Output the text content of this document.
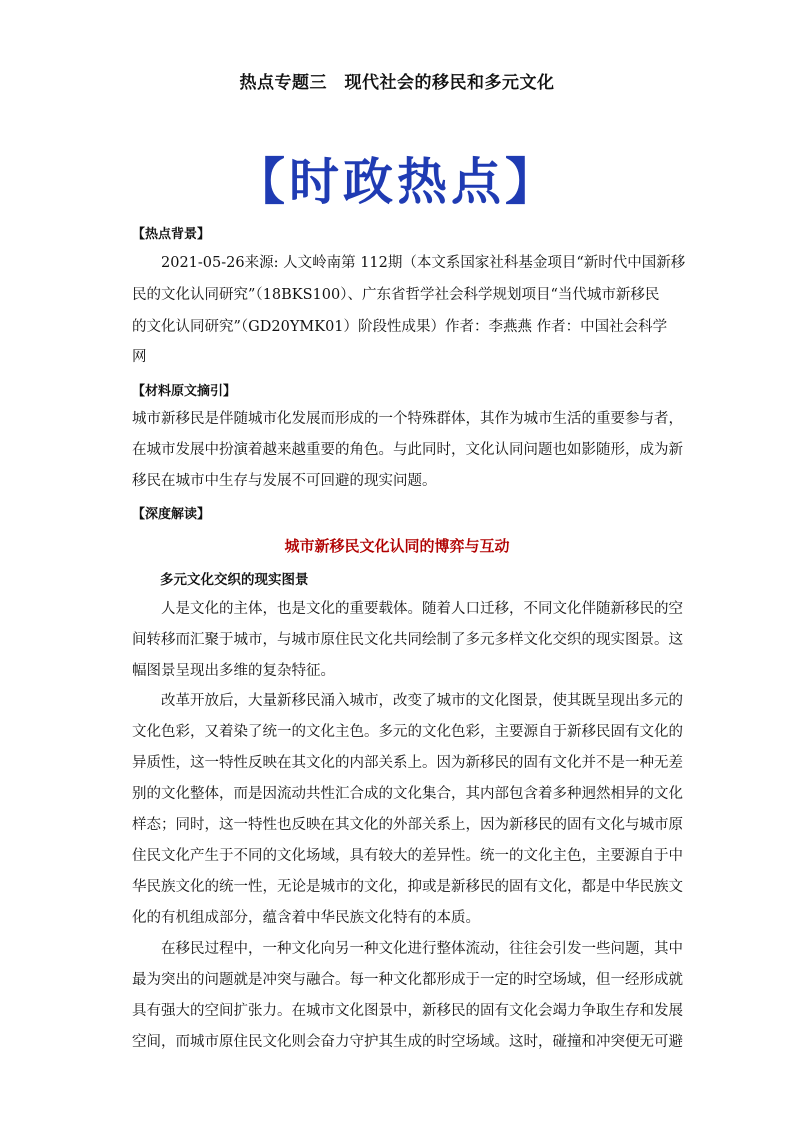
热点专题三　现代社会的移民和多元文化
【时政热点】
【热点背景】
　　2021-05-26来源: 人文岭南第 112期（本文系国家社科基金项目“新时代中国新移
民的文化认同研究”（18BKS100）、广东省哲学社会科学规划项目“当代城市新移民
的文化认同研究”（GD20YMK01）阶段性成果）作者：李燕燕 作者：中国社会科学
网
【材料原文摘引】
城市新移民是伴随城市化发展而形成的一个特殊群体，其作为城市生活的重要参与者，
在城市发展中扮演着越来越重要的角色。与此同时，文化认同问题也如影随形，成为新
移民在城市中生存与发展不可回避的现实问题。
【深度解读】
城市新移民文化认同的博弈与互动
多元文化交织的现实图景
　　人是文化的主体，也是文化的重要载体。随着人口迁移，不同文化伴随新移民的空
间转移而汇聚于城市，与城市原住民文化共同绘制了多元多样文化交织的现实图景。这
幅图景呈现出多维的复杂特征。
　　改革开放后，大量新移民涌入城市，改变了城市的文化图景，使其既呈现出多元的
文化色彩，又着染了统一的文化主色。多元的文化色彩，主要源自于新移民固有文化的
异质性，这一特性反映在其文化的内部关系上。因为新移民的固有文化并不是一种无差
别的文化整体，而是因流动共性汇合成的文化集合，其内部包含着多种迥然相异的文化
样态；同时，这一特性也反映在其文化的外部关系上，因为新移民的固有文化与城市原
住民文化产生于不同的文化场域，具有较大的差异性。统一的文化主色，主要源自于中
华民族文化的统一性，无论是城市的文化，抑或是新移民的固有文化，都是中华民族文
化的有机组成部分，蕴含着中华民族文化特有的本质。
　　在移民过程中，一种文化向另一种文化进行整体流动，往往会引发一些问题，其中
最为突出的问题就是冲突与融合。每一种文化都形成于一定的时空场域，但一经形成就
具有强大的空间扩张力。在城市文化图景中，新移民的固有文化会竭力争取生存和发展
空间，而城市原住民文化则会奋力守护其生成的时空场域。这时，碰撞和冲突便无可避
